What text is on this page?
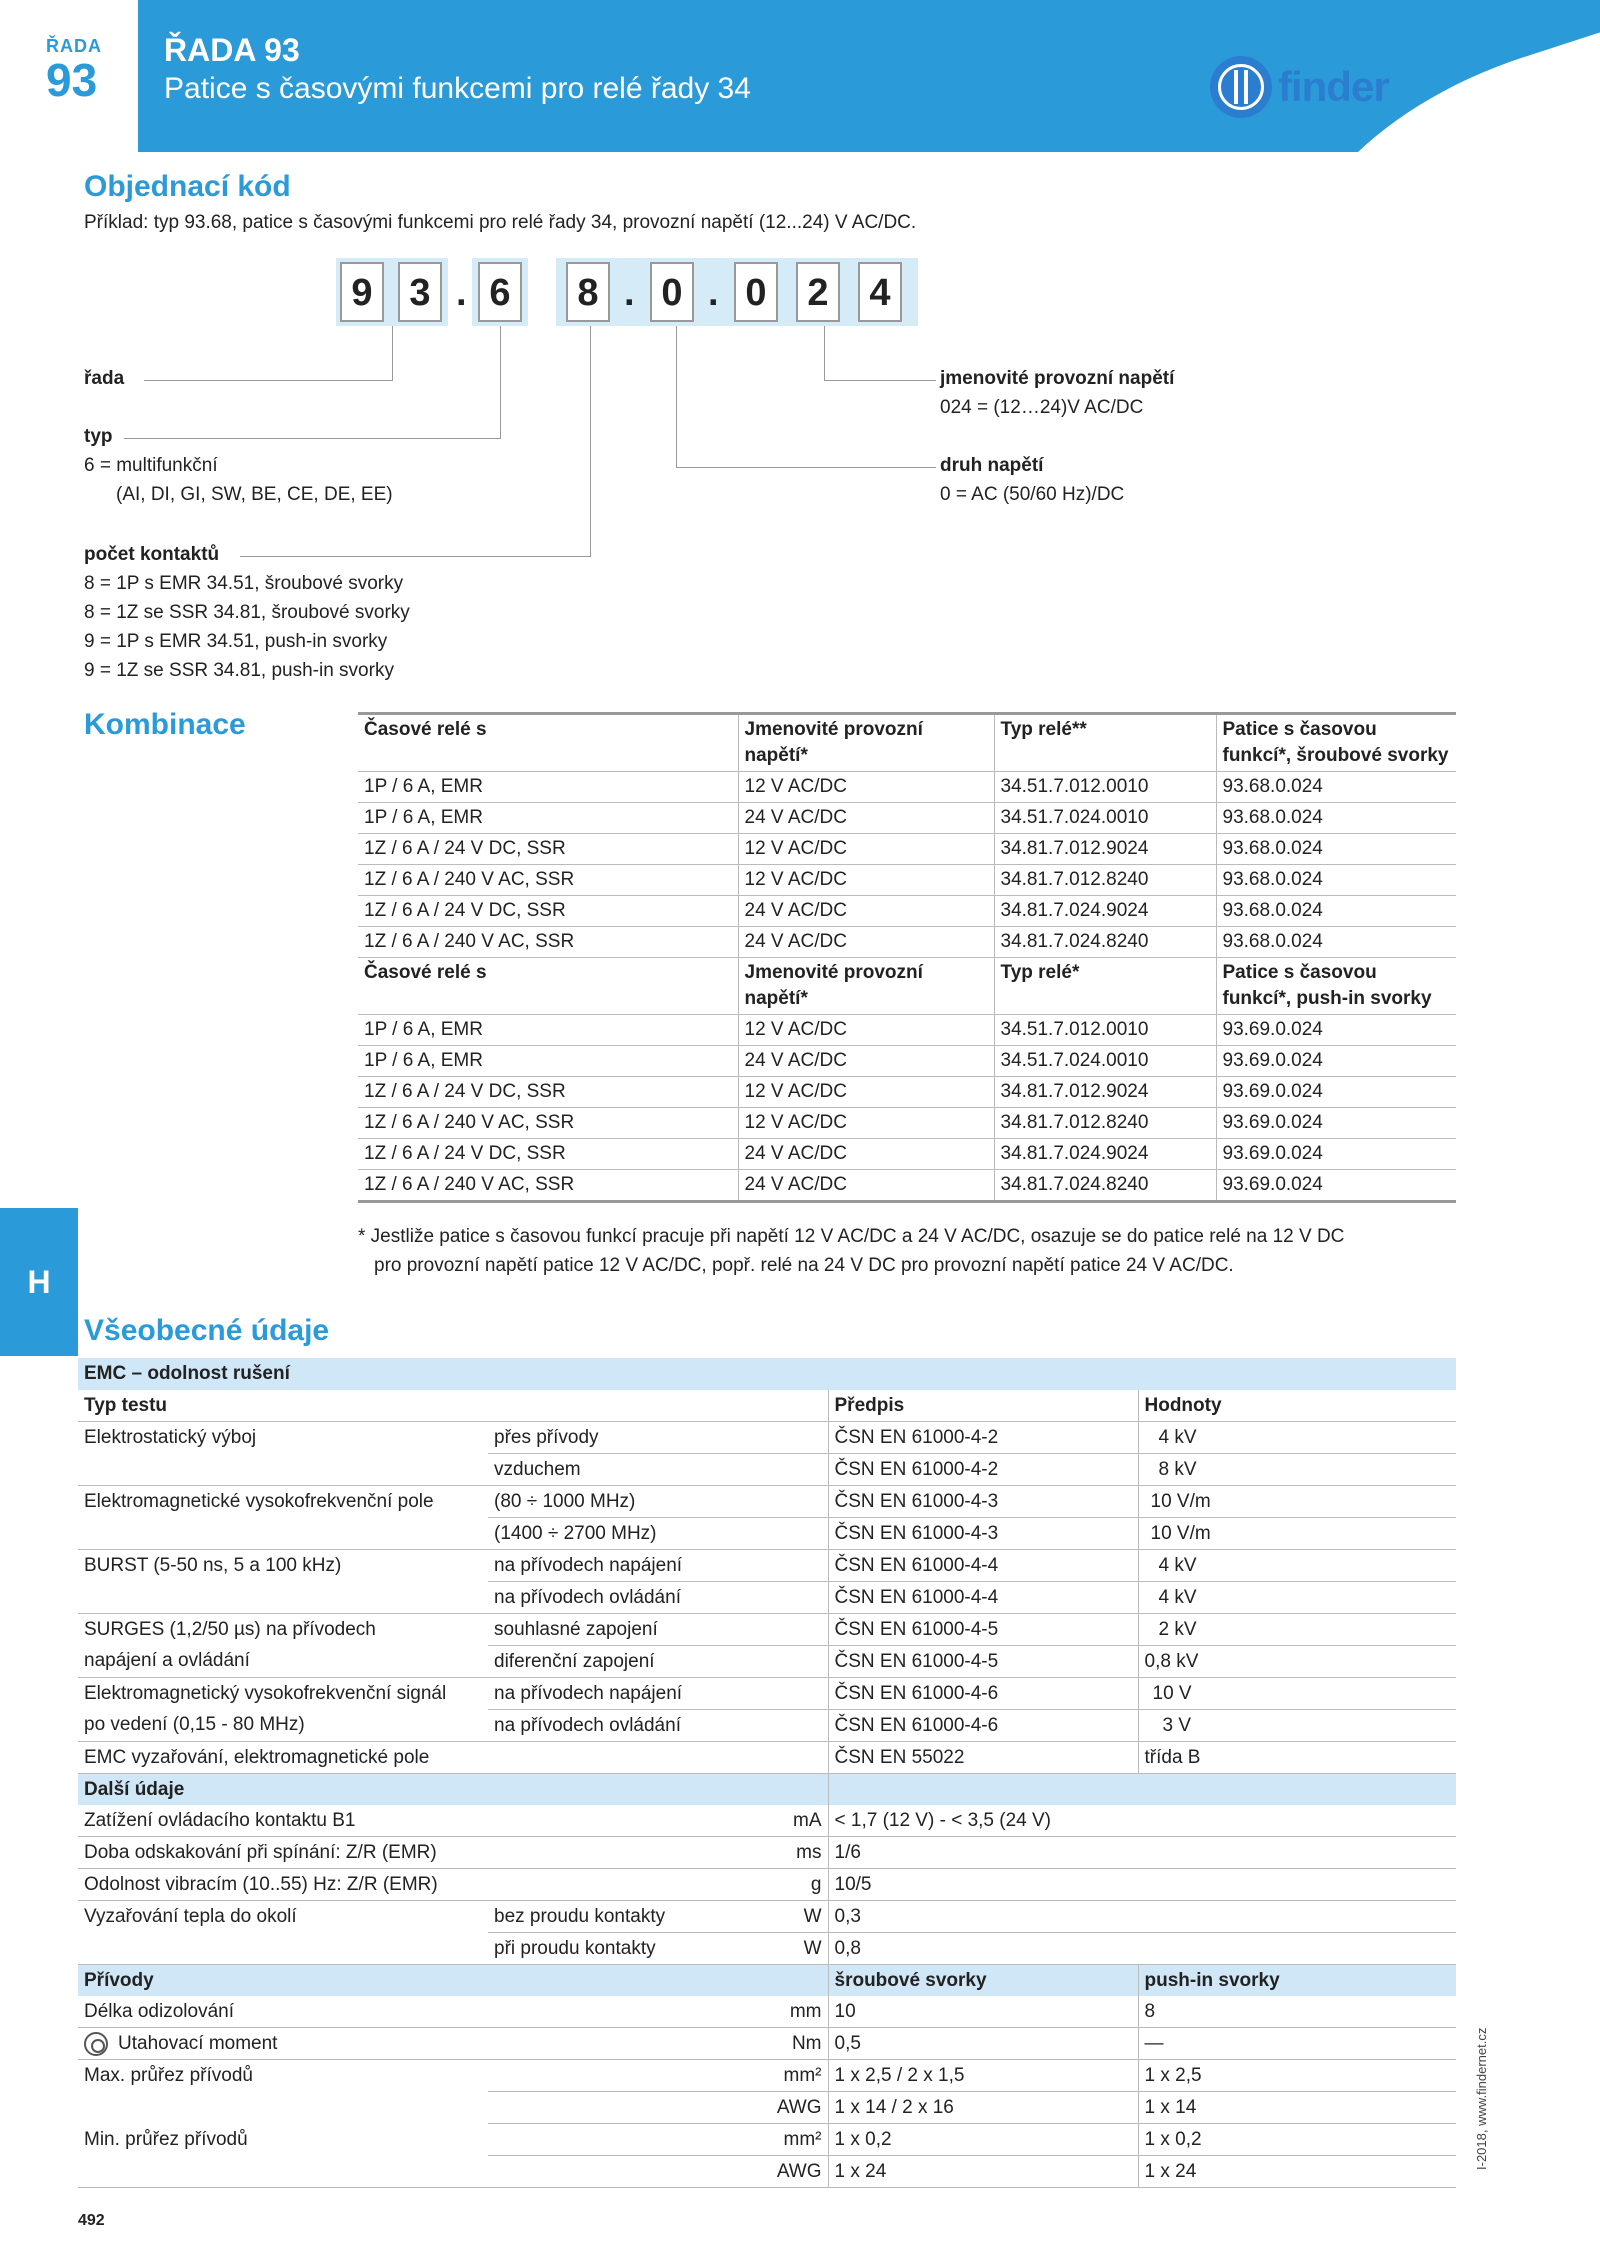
ŘADA
93
ŘADA 93
Patice s časovými funkcemi pro relé řady 34	finder
Objednací kód
Příklad: typ 93.68, patice s časovými funkcemi pro relé řady 34, provozní napětí (12...24) V AC/DC.
9 3 . 6	8 . 0 . 0	2	4
řada
typ
6 = multifunkční
(AI, DI, GI, SW, BE, CE, DE, EE)
počet kontaktů
8 = 1P s EMR 34.51, šroubové svorky
8 = 1Z se SSR 34.81, šroubové svorky
9 = 1P s EMR 34.51, push-in svorky
9 = 1Z se SSR 34.81, push-in svorky
jmenovité provozní napětí
024 = (12…24)V AC/DC
druh napětí
0 = AC (50/60 Hz)/DC
Kombinace	Časové relé s	Jmenovité provozní napětí*	Typ relé**	Patice s časovou funkcí*, šroubové svorky
1P / 6 A, EMR	12 V AC/DC	34.51.7.012.0010	93.68.0.024
1P / 6 A, EMR	24 V AC/DC	34.51.7.024.0010	93.68.0.024
1Z / 6 A / 24 V DC, SSR	12 V AC/DC	34.81.7.012.9024	93.68.0.024
1Z / 6 A / 240 V AC, SSR	12 V AC/DC	34.81.7.012.8240	93.68.0.024
1Z / 6 A / 24 V DC, SSR	24 V AC/DC	34.81.7.024.9024	93.68.0.024
1Z / 6 A / 240 V AC, SSR	24 V AC/DC	34.81.7.024.8240	93.68.0.024
Časové relé s	Jmenovité provozní napětí*	Typ relé*	Patice s časovou funkcí*, push-in svorky
1P / 6 A, EMR	12 V AC/DC	34.51.7.012.0010	93.69.0.024
1P / 6 A, EMR	24 V AC/DC	34.51.7.024.0010	93.69.0.024
1Z / 6 A / 24 V DC, SSR	12 V AC/DC	34.81.7.012.9024	93.69.0.024
1Z / 6 A / 240 V AC, SSR	12 V AC/DC	34.81.7.012.8240	93.69.0.024
1Z / 6 A / 24 V DC, SSR	24 V AC/DC	34.81.7.024.9024	93.69.0.024
1Z / 6 A / 240 V AC, SSR	24 V AC/DC	34.81.7.024.8240	93.69.0.024
* Jestliže patice s časovou funkcí pracuje při napětí 12 V AC/DC a 24 V AC/DC, osazuje se do patice relé na 12 V DC
pro provozní napětí patice 12 V AC/DC, popř. relé na 24 V DC pro provozní napětí patice 24 V AC/DC.
H
Všeobecné údaje
EMC – odolnost rušení			
Typ testu		Předpis	Hodnoty
Elektrostatický výboj	přes přívody	ČSN EN 61000-4-2	4 kV
	vzduchem	ČSN EN 61000-4-2	8 kV
Elektromagnetické vysokofrekvenční pole	(80 ÷ 1000 MHz)	ČSN EN 61000-4-3	10 V/m
	(1400 ÷ 2700 MHz)	ČSN EN 61000-4-3	10 V/m
BURST (5-50 ns, 5 a 100 kHz)	na přívodech napájení	ČSN EN 61000-4-4	4 kV
	na přívodech ovládání	ČSN EN 61000-4-4	4 kV
SURGES (1,2/50 µs) na přívodech	souhlasné zapojení	ČSN EN 61000-4-5	2 kV
napájení a ovládání	diferenční zapojení	ČSN EN 61000-4-5	0,8 kV
Elektromagnetický vysokofrekvenční signál	na přívodech napájení	ČSN EN 61000-4-6	10 V
po vedení (0,15 - 80 MHz)	na přívodech ovládání	ČSN EN 61000-4-6	3 V
EMC vyzařování, elektromagnetické pole		ČSN EN 55022	třída B
Další údaje			
Zatížení ovládacího kontaktu B1	mA	< 1,7 (12 V) - < 3,5 (24 V)	
Doba odskakování při spínání: Z/R (EMR)	ms	1/6	
Odolnost vibracím (10..55) Hz: Z/R (EMR)	g	10/5	
Vyzařování tepla do okolí	bez proudu kontakty W	0,3	
	při proudu kontakty W	0,8	
Přívody		šroubové svorky	push-in svorky
Délka odizolování	mm	10	8
Utahovací moment	Nm	0,5	—
Max. průřez přívodů	mm²	1 x 2,5 / 2 x 1,5	1 x 2,5
	AWG	1 x 14 / 2 x 16	1 x 14
Min. průřez přívodů	mm²	1 x 0,2	1 x 0,2
	AWG	1 x 24	1 x 24
I-2018, www.findernet.cz
492
